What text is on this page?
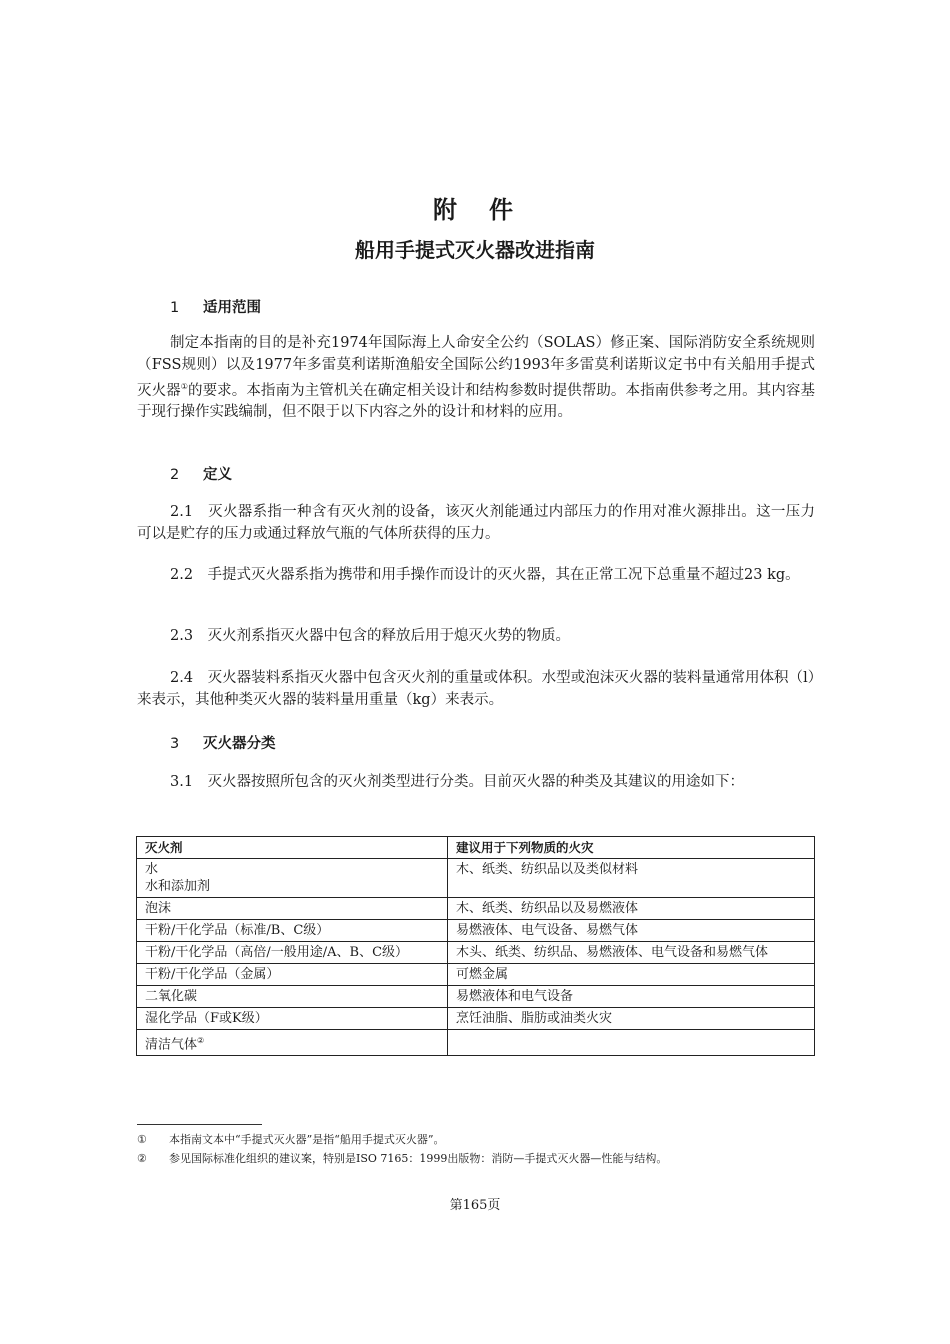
附　件
船用手提式灭火器改进指南
1 适用范围
制定本指南的目的是补充1974年国际海上人命安全公约（SOLAS）修正案、国际消防安全系统规则（FSS规则）以及1977年多雷莫利诺斯渔船安全国际公约1993年多雷莫利诺斯议定书中有关船用手提式灭火器①的要求。本指南为主管机关在确定相关设计和结构参数时提供帮助。本指南供参考之用。其内容基于现行操作实践编制，但不限于以下内容之外的设计和材料的应用。
2 定义
2.1　灭火器系指一种含有灭火剂的设备，该灭火剂能通过内部压力的作用对准火源排出。这一压力可以是贮存的压力或通过释放气瓶的气体所获得的压力。
2.2　手提式灭火器系指为携带和用手操作而设计的灭火器，其在正常工况下总重量不超过23 kg。
2.3　灭火剂系指灭火器中包含的释放后用于熄灭火势的物质。
2.4　灭火器装料系指灭火器中包含灭火剂的重量或体积。水型或泡沫灭火器的装料量通常用体积（l）来表示，其他种类灭火器的装料量用重量（kg）来表示。
3 灭火器分类
3.1　灭火器按照所包含的灭火剂类型进行分类。目前灭火器的种类及其建议的用途如下：
灭火剂	建议用于下列物质的火灾

水
水和添加剂	木、纸类、纺织品以及类似材料
泡沫	木、纸类、纺织品以及易燃液体
干粉/干化学品（标准/B、C级）	易燃液体、电气设备、易燃气体
干粉/干化学品（高倍/一般用途/A、B、C级）	木头、纸类、纺织品、易燃液体、电气设备和易燃气体
干粉/干化学品（金属）	可燃金属
二氧化碳	易燃液体和电气设备
湿化学品（F或K级）	烹饪油脂、脂肪或油类火灾
清洁气体②	
① 本指南文本中“手提式灭火器”是指“船用手提式灭火器”。
② 参见国际标准化组织的建议案，特别是ISO 7165：1999出版物：消防—手提式灭火器—性能与结构。
第165页
